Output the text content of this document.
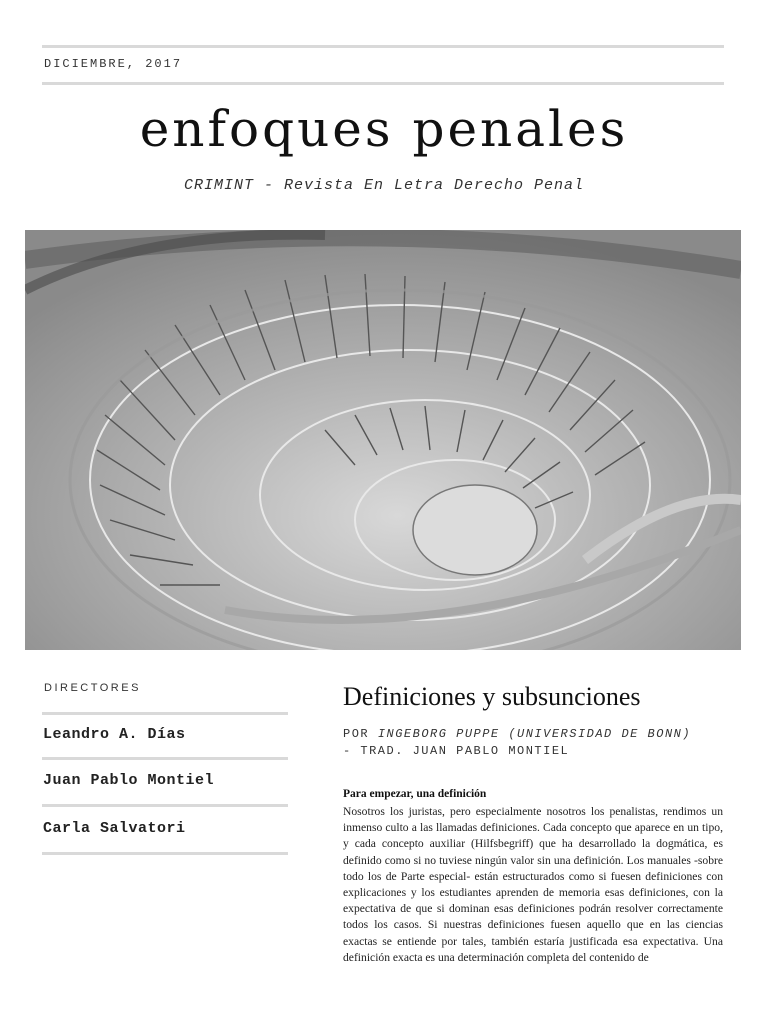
DICIEMBRE, 2017
enfoques penales
CRIMINT - Revista En Letra Derecho Penal
DIRECTORES
Leandro A. Días
Juan Pablo Montiel
Carla Salvatori
Definiciones y subsunciones
POR INGEBORG PUPPE (UNIVERSIDAD DE BONN)
- TRAD. JUAN PABLO MONTIEL
Para empezar, una definición
Nosotros los juristas, pero especialmente nosotros los penalistas, rendimos un inmenso culto a las llamadas definiciones. Cada concepto que aparece en un tipo, y cada concepto auxiliar (Hilfsbegriff) que ha desarrollado la dogmática, es definido como si no tuviese ningún valor sin una definición. Los manuales -sobre todo los de Parte especial- están estructurados como si fuesen definiciones con explicaciones y los estudiantes aprenden de memoria esas definiciones, con la expectativa de que si dominan esas definiciones podrán resolver correctamente todos los casos. Si nuestras definiciones fuesen aquello que en las ciencias exactas se entiende por tales, también estaría justificada esa expectativa. Una definición exacta es una determinación completa del contenido de
